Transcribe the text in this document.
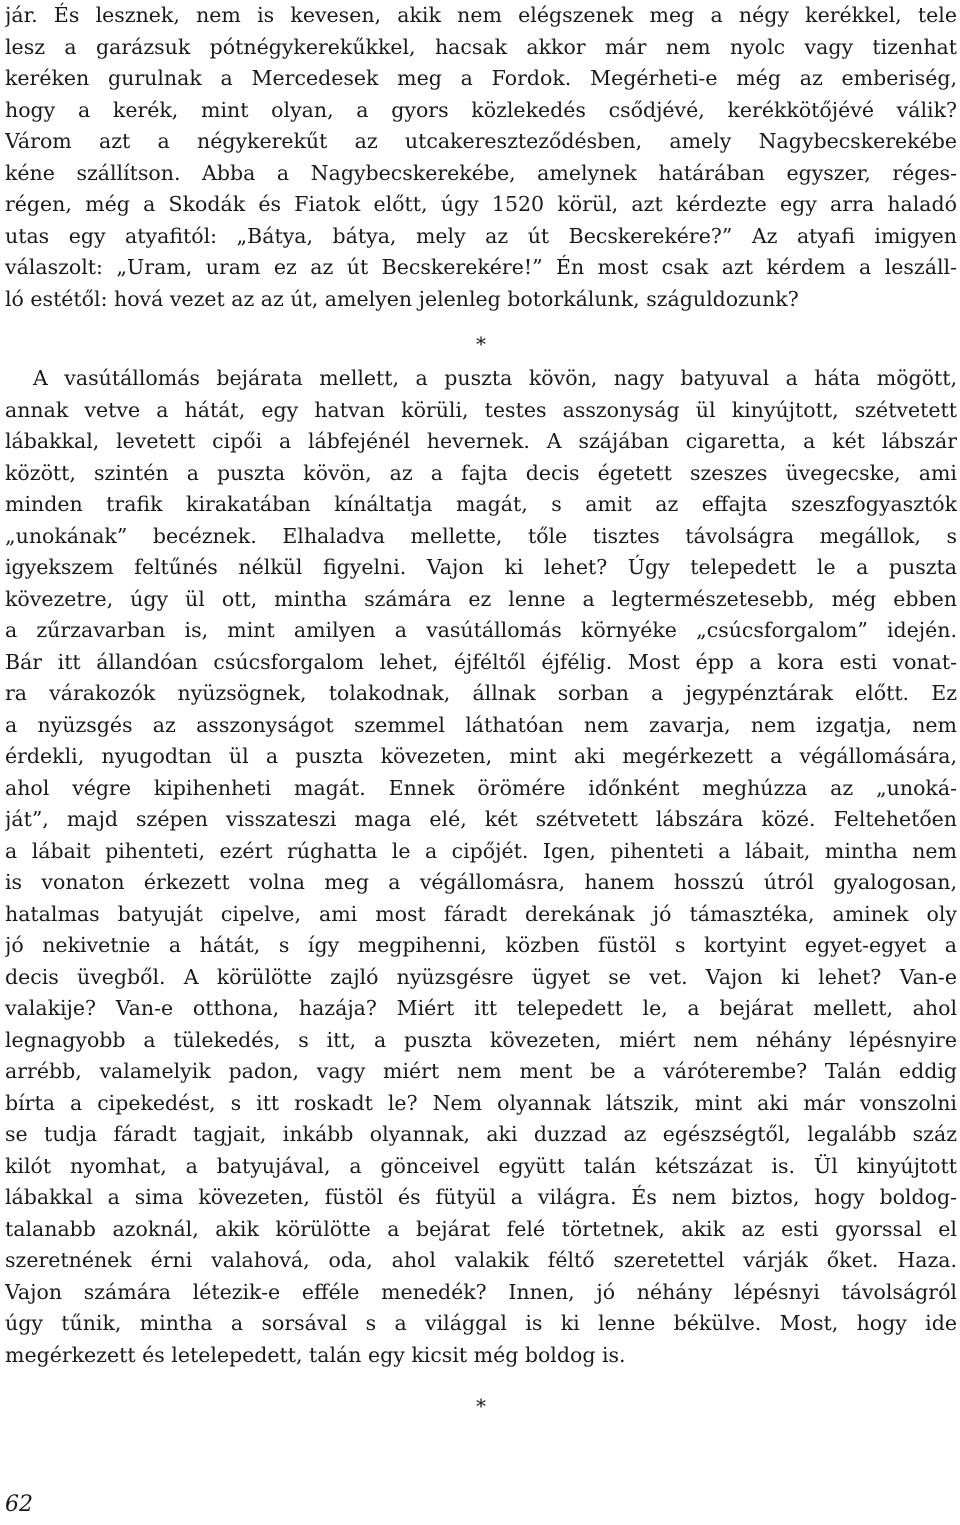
jár. És lesznek, nem is kevesen, akik nem elégszenek meg a négy kerékkel, tele
lesz a garázsuk pótnégykerekűkkel, hacsak akkor már nem nyolc vagy tizenhat
keréken gurulnak a Mercedesek meg a Fordok. Megérheti-e még az emberiség,
hogy a kerék, mint olyan, a gyors közlekedés csődjévé, kerékkötőjévé válik?
Várom azt a négykerekűt az utcakereszteződésben, amely Nagybecskerekébe
kéne szállítson. Abba a Nagybecskerekébe, amelynek határában egyszer, réges-
régen, még a Skodák és Fiatok előtt, úgy 1520 körül, azt kérdezte egy arra haladó
utas egy atyafitól: „Bátya, bátya, mely az út Becskerekére?” Az atyafi imigyen
válaszolt: „Uram, uram ez az út Becskerekére!” Én most csak azt kérdem a leszáll-
ló estétől: hová vezet az az út, amelyen jelenleg botorkálunk, száguldozunk?
*
A vasútállomás bejárata mellett, a puszta kövön, nagy batyuval a háta mögött,
annak vetve a hátát, egy hatvan körüli, testes asszonyság ül kinyújtott, szétvetett
lábakkal, levetett cipői a lábfejénél hevernek. A szájában cigaretta, a két lábszár
között, szintén a puszta kövön, az a fajta decis égetett szeszes üvegecske, ami
minden trafik kirakatában kínáltatja magát, s amit az effajta szeszfogyasztók
„unokának” becéznek. Elhaladva mellette, tőle tisztes távolságra megállok, s
igyekszem feltűnés nélkül figyelni. Vajon ki lehet? Úgy telepedett le a puszta
kövezetre, úgy ül ott, mintha számára ez lenne a legtermészetesebb, még ebben
a zűrzavarban is, mint amilyen a vasútállomás környéke „csúcsforgalom” idején.
Bár itt állandóan csúcsforgalom lehet, éjféltől éjfélig. Most épp a kora esti vonat-
ra várakozók nyüzsögnek, tolakodnak, állnak sorban a jegypénztárak előtt. Ez
a nyüzsgés az asszonyságot szemmel láthatóan nem zavarja, nem izgatja, nem
érdekli, nyugodtan ül a puszta kövezeten, mint aki megérkezett a végállomására,
ahol végre kipihenheti magát. Ennek örömére időnként meghúzza az „unoká-
ját”, majd szépen visszateszi maga elé, két szétvetett lábszára közé. Feltehetően
a lábait pihenteti, ezért rúghatta le a cipőjét. Igen, pihenteti a lábait, mintha nem
is vonaton érkezett volna meg a végállomásra, hanem hosszú útról gyalogosan,
hatalmas batyuját cipelve, ami most fáradt derekának jó támasztéka, aminek oly
jó nekivetnie a hátát, s így megpihenni, közben füstöl s kortyint egyet-egyet a
decis üvegből. A körülötte zajló nyüzsgésre ügyet se vet. Vajon ki lehet? Van-e
valakije? Van-e otthona, hazája? Miért itt telepedett le, a bejárat mellett, ahol
legnagyobb a tülekedés, s itt, a puszta kövezeten, miért nem néhány lépésnyire
arrébb, valamelyik padon, vagy miért nem ment be a váróterembe? Talán eddig
bírta a cipekedést, s itt roskadt le? Nem olyannak látszik, mint aki már vonszolni
se tudja fáradt tagjait, inkább olyannak, aki duzzad az egészségtől, legalább száz
kilót nyomhat, a batyujával, a gönceivel együtt talán kétszázat is. Ül kinyújtott
lábakkal a sima kövezeten, füstöl és fütyül a világra. És nem biztos, hogy boldog-
talanabb azoknál, akik körülötte a bejárat felé törtetnek, akik az esti gyorssal el
szeretnének érni valahová, oda, ahol valakik féltő szeretettel várják őket. Haza.
Vajon számára létezik-e efféle menedék? Innen, jó néhány lépésnyi távolságról
úgy tűnik, mintha a sorsával s a világgal is ki lenne békülve. Most, hogy ide
megérkezett és letelepedett, talán egy kicsit még boldog is.
*
62
